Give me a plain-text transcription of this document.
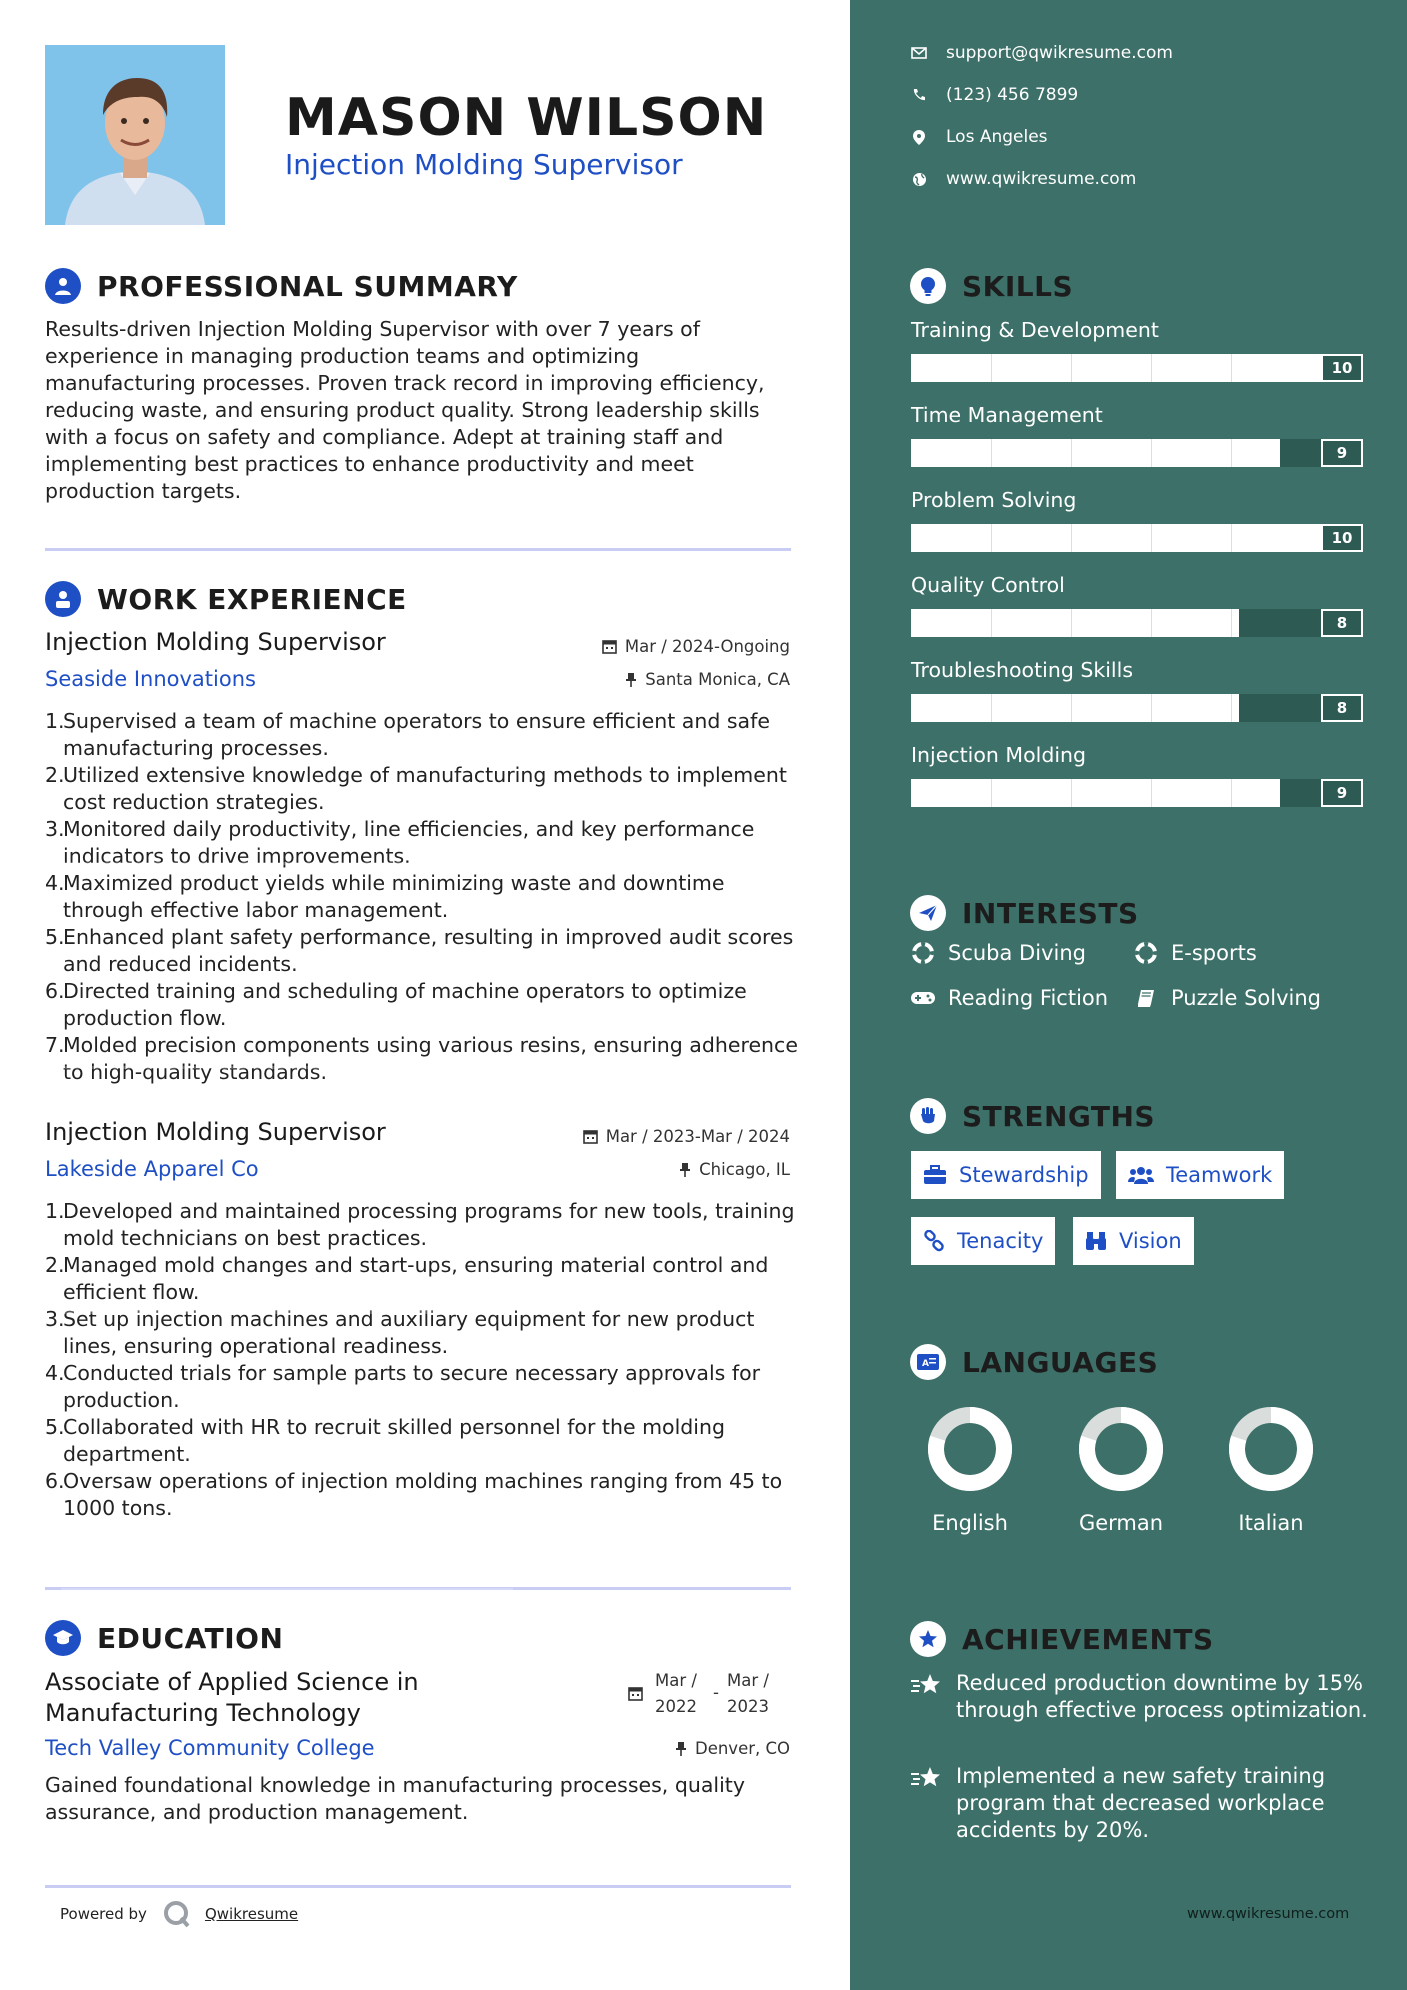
MASON WILSON
Injection Molding Supervisor
PROFESSIONAL SUMMARY
Results-driven Injection Molding Supervisor with over 7 years of experience in managing production teams and optimizing manufacturing processes. Proven track record in improving efficiency, reducing waste, and ensuring product quality. Strong leadership skills with a focus on safety and compliance. Adept at training staff and implementing best practices to enhance productivity and meet production targets.
WORK EXPERIENCE
Injection Molding Supervisor	Mar / 2024-Ongoing
Seaside Innovations	Santa Monica, CA
1.
Supervised a team of machine operators to ensure efficient and safe manufacturing processes.
2.
Utilized extensive knowledge of manufacturing methods to implement cost reduction strategies.
3.
Monitored daily productivity, line efficiencies, and key performance indicators to drive improvements.
4.
Maximized product yields while minimizing waste and downtime through effective labor management.
5.
Enhanced plant safety performance, resulting in improved audit scores and reduced incidents.
6.
Directed training and scheduling of machine operators to optimize production flow.
7.
Molded precision components using various resins, ensuring adherence to high-quality standards.
Injection Molding Supervisor	Mar / 2023-Mar / 2024
Lakeside Apparel Co	Chicago, IL
1.
Developed and maintained processing programs for new tools, training mold technicians on best practices.
2.
Managed mold changes and start-ups, ensuring material control and efficient flow.
3.
Set up injection machines and auxiliary equipment for new product lines, ensuring operational readiness.
4.
Conducted trials for sample parts to secure necessary approvals for production.
5.
Collaborated with HR to recruit skilled personnel for the molding department.
6.
Oversaw operations of injection molding machines ranging from 45 to 1000 tons.
EDUCATION
Associate of Applied Science in
Manufacturing Technology
Mar /
2022
-
Mar /
2023
Tech Valley Community College	Denver, CO
Gained foundational knowledge in manufacturing processes, quality assurance, and production management.
Powered by	Qwikresume
support@qwikresume.com
(123) 456 7899
Los Angeles
www.qwikresume.com
SKILLS
Training & Development
10
Time Management
9
Problem Solving
10
Quality Control
8
Troubleshooting Skills
8
Injection Molding
9
INTERESTS
Scuba Diving	E-sports
Reading Fiction	Puzzle Solving
STRENGTHS
Stewardship	Teamwork
Tenacity	Vision
A LANGUAGES
English	German	Italian
ACHIEVEMENTS
Reduced production downtime by 15% through effective process optimization.
Implemented a new safety training program that decreased workplace accidents by 20%.
www.qwikresume.com
